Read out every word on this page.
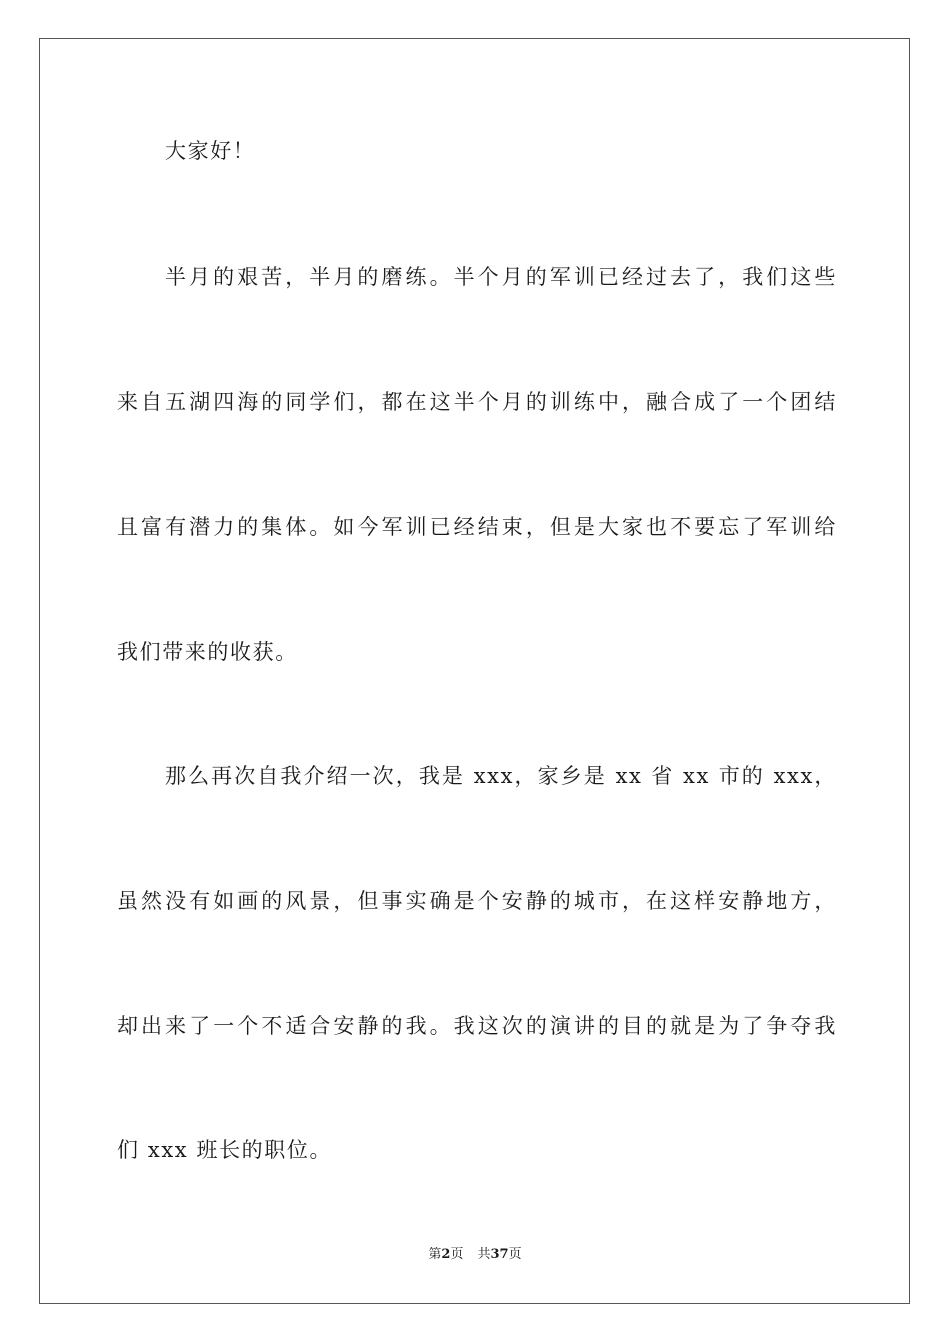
大家好！
半月的艰苦，半月的磨练。半个月的军训已经过去了，我们这些
来自五湖四海的同学们，都在这半个月的训练中，融合成了一个团结
且富有潜力的集体。如今军训已经结束，但是大家也不要忘了军训给
我们带来的收获。
那么再次自我介绍一次，我是 xxx，家乡是 xx 省 xx 市的 xxx，
虽然没有如画的风景，但事实确是个安静的城市，在这样安静地方，
却出来了一个不适合安静的我。我这次的演讲的目的就是为了争夺我
们 xxx 班长的职位。
第2页 共37页
